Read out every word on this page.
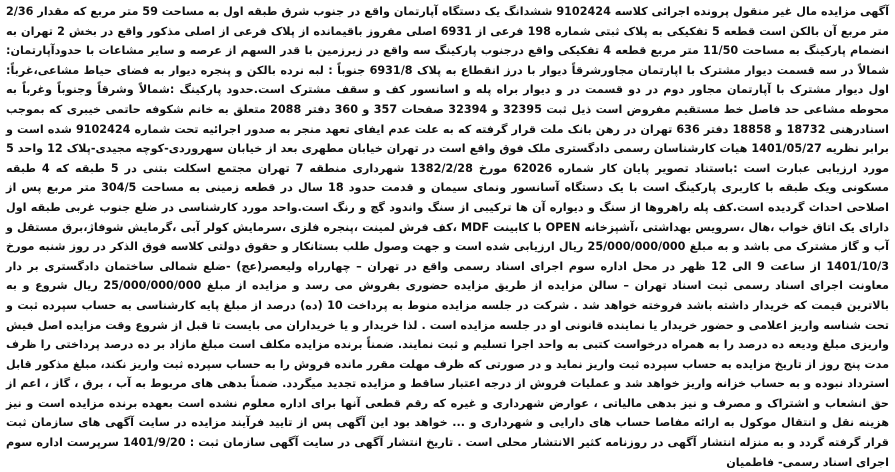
آگهی مزایده مال غیر منقول پرونده اجرائی کلاسه 9102424 ششدانگ یک دستگاه آپارتمان واقع در جنوب شرق طبقه اول به مساحت 59 متر مربع که مقدار 2/36 متر مربع آن بالکن است قطعه 5 تفکیکی به پلاک ثبتی شماره 198 فرعی از 6931 اصلی مفروز باقیمانده از پلاک فرعی از اصلی مذکور واقع در بخش 2 تهران به انضمام پارکینگ به مساحت 11/50 متر مربع قطعه 4 تفکیکی واقع درجنوب پارکینگ سه واقع در زیرزمین با قدر السهم از عرصه و سایر مشاعات با حدودآپارتمان: شمالاً در سه قسمت دیوار مشترک با اپارتمان مجاورشرقاً دیوار با درز انقطاع به پلاک 6931/8 جنوباً : لبه نرده بالکن و پنجره دیوار به فضای حیاط مشاعی،غرباً: اول دیوار مشترک با آپارتمان مجاور دوم در دو قسمت در و دیوار براه پله و اسانسور کف و سقف مشترک است.حدود پارکینگ :شمالاً وشرقاً وجنوباً وغرباً به محوطه مشاعی حد فاصل خط مستقیم مفروض است ذیل ثبت 32395 و 32394 صفحات 357 و 360 دفتر 2088 متعلق به خانم شکوفه حاتمی خیبری که بموجب اسنادرهنی 18732 و 18858 دفتر 636 تهران در رهن بانک ملت قرار گرفته که به علت عدم ایفای تعهد منجر به صدور اجرائیه تحت شماره 9102424 شده است و برابر نظریه 1401/05/27 هیات کارشناسان رسمی دادگستری ملک فوق واقع است در تهران خیابان مطهری بعد از خیابان سهروردی-کوچه مجیدی-پلاک 12 واحد 5 مورد ارزیابی عبارت است :باستناد تصویر پایان کار شماره 62026 مورخ 1382/2/28 شهرداری منطقه 7 تهران مجتمع اسکلت بتنی در 5 طبقه که 4 طبقه مسکونی ویک طبقه با کاربری پارکینگ است با یک دستگاه آسانسور ونمای سیمان و قدمت حدود 18 سال در قطعه زمینی به مساحت 304/5 متر مربع پس از اصلاحی احداث گردیده است.کف پله راهروها از سنگ و دیواره آن ها ترکیبی از سنگ واندود گچ و رنگ است.واحد مورد کارشناسی در ضلع جنوب غربی طبقه اول دارای یک اتاق خواب ،هال ،سرویس بهداشتی ،آشپزخانه OPEN با کابینت MDF ،کف فرش لمینت ،پنجره فلزی ،سرمایش کولر آبی ،گرمایش شوفاژ،برق مستقل و آب و گاز مشترک می باشد و به مبلغ 25/000/000/000 ریال ارزیابی شده است و جهت وصول طلب بستانکار و حقوق دولتی کلاسه فوق الذکر در روز شنبه مورخ 1401/10/3 از ساعت 9 الی 12 ظهر در محل اداره سوم اجرای اسناد رسمی واقع در تهران – چهارراه ولیعصر(عج) -ضلع شمالی ساختمان دادگستری بر دار معاونت اجرای اسناد رسمی ثبت اسناد تهران – سالن مزایده از طریق مزایده حضوری بفروش می رسد و مزایده از مبلغ 25/000/000/000 ریال شروع و به بالاترین قیمت که خریدار داشته باشد فروخته خواهد شد . شرکت در جلسه مزایده منوط به پرداخت 10 (ده) درصد از مبلغ پایه کارشناسی به حساب سپرده ثبت و تحت شناسه واریز اعلامی و حضور خریدار یا نماینده قانونی او در جلسه مزایده است . لذا خریدار و یا خریداران می بایست تا قبل از شروع وقت مزایده اصل فیش واریزی مبلغ ودیعه ده درصد را به همراه درخواست کتبی به واحد اجرا تسلیم و ثبت نمایند. ضمناً برنده مزایده مکلف است مبلغ مازاد بر ده درصد پرداختی را ظرف مدت پنج روز از تاریخ مزایده به حساب سپرده ثبت واریز نماید و در صورتی که ظرف مهلت مقرر مانده فروش را به حساب سپرده ثبت واریز نکند، مبلغ مذکور قابل استرداد نبوده و به حساب خزانه واریز خواهد شد و عملیات فروش از درجه اعتبار ساقط و مزایده تجدید میگردد. ضمناً بدهی های مربوط به آب ، برق ، گاز ، اعم از حق انشعاب و اشتراک و مصرف و نیز بدهی مالیاتی ، عوارض شهرداری و غیره که رقم قطعی آنها برای اداره معلوم نشده است بعهده برنده مزایده است و نیز هزینه نقل و انتقال موکول به ارائه مفاصا حساب های دارایی و شهرداری و ... خواهد بود این آگهی پس از تایید فرآیند مزایده در سایت آگهی های سازمان ثبت قرار گرفته گردد و به منزله انتشار آگهی در روزنامه کثیر الانتشار محلی است . تاریخ انتشار آگهی در سایت آگهی سازمان ثبت : 1401/9/20 سرپرست اداره سوم اجرای اسناد رسمی- فاطمیان
